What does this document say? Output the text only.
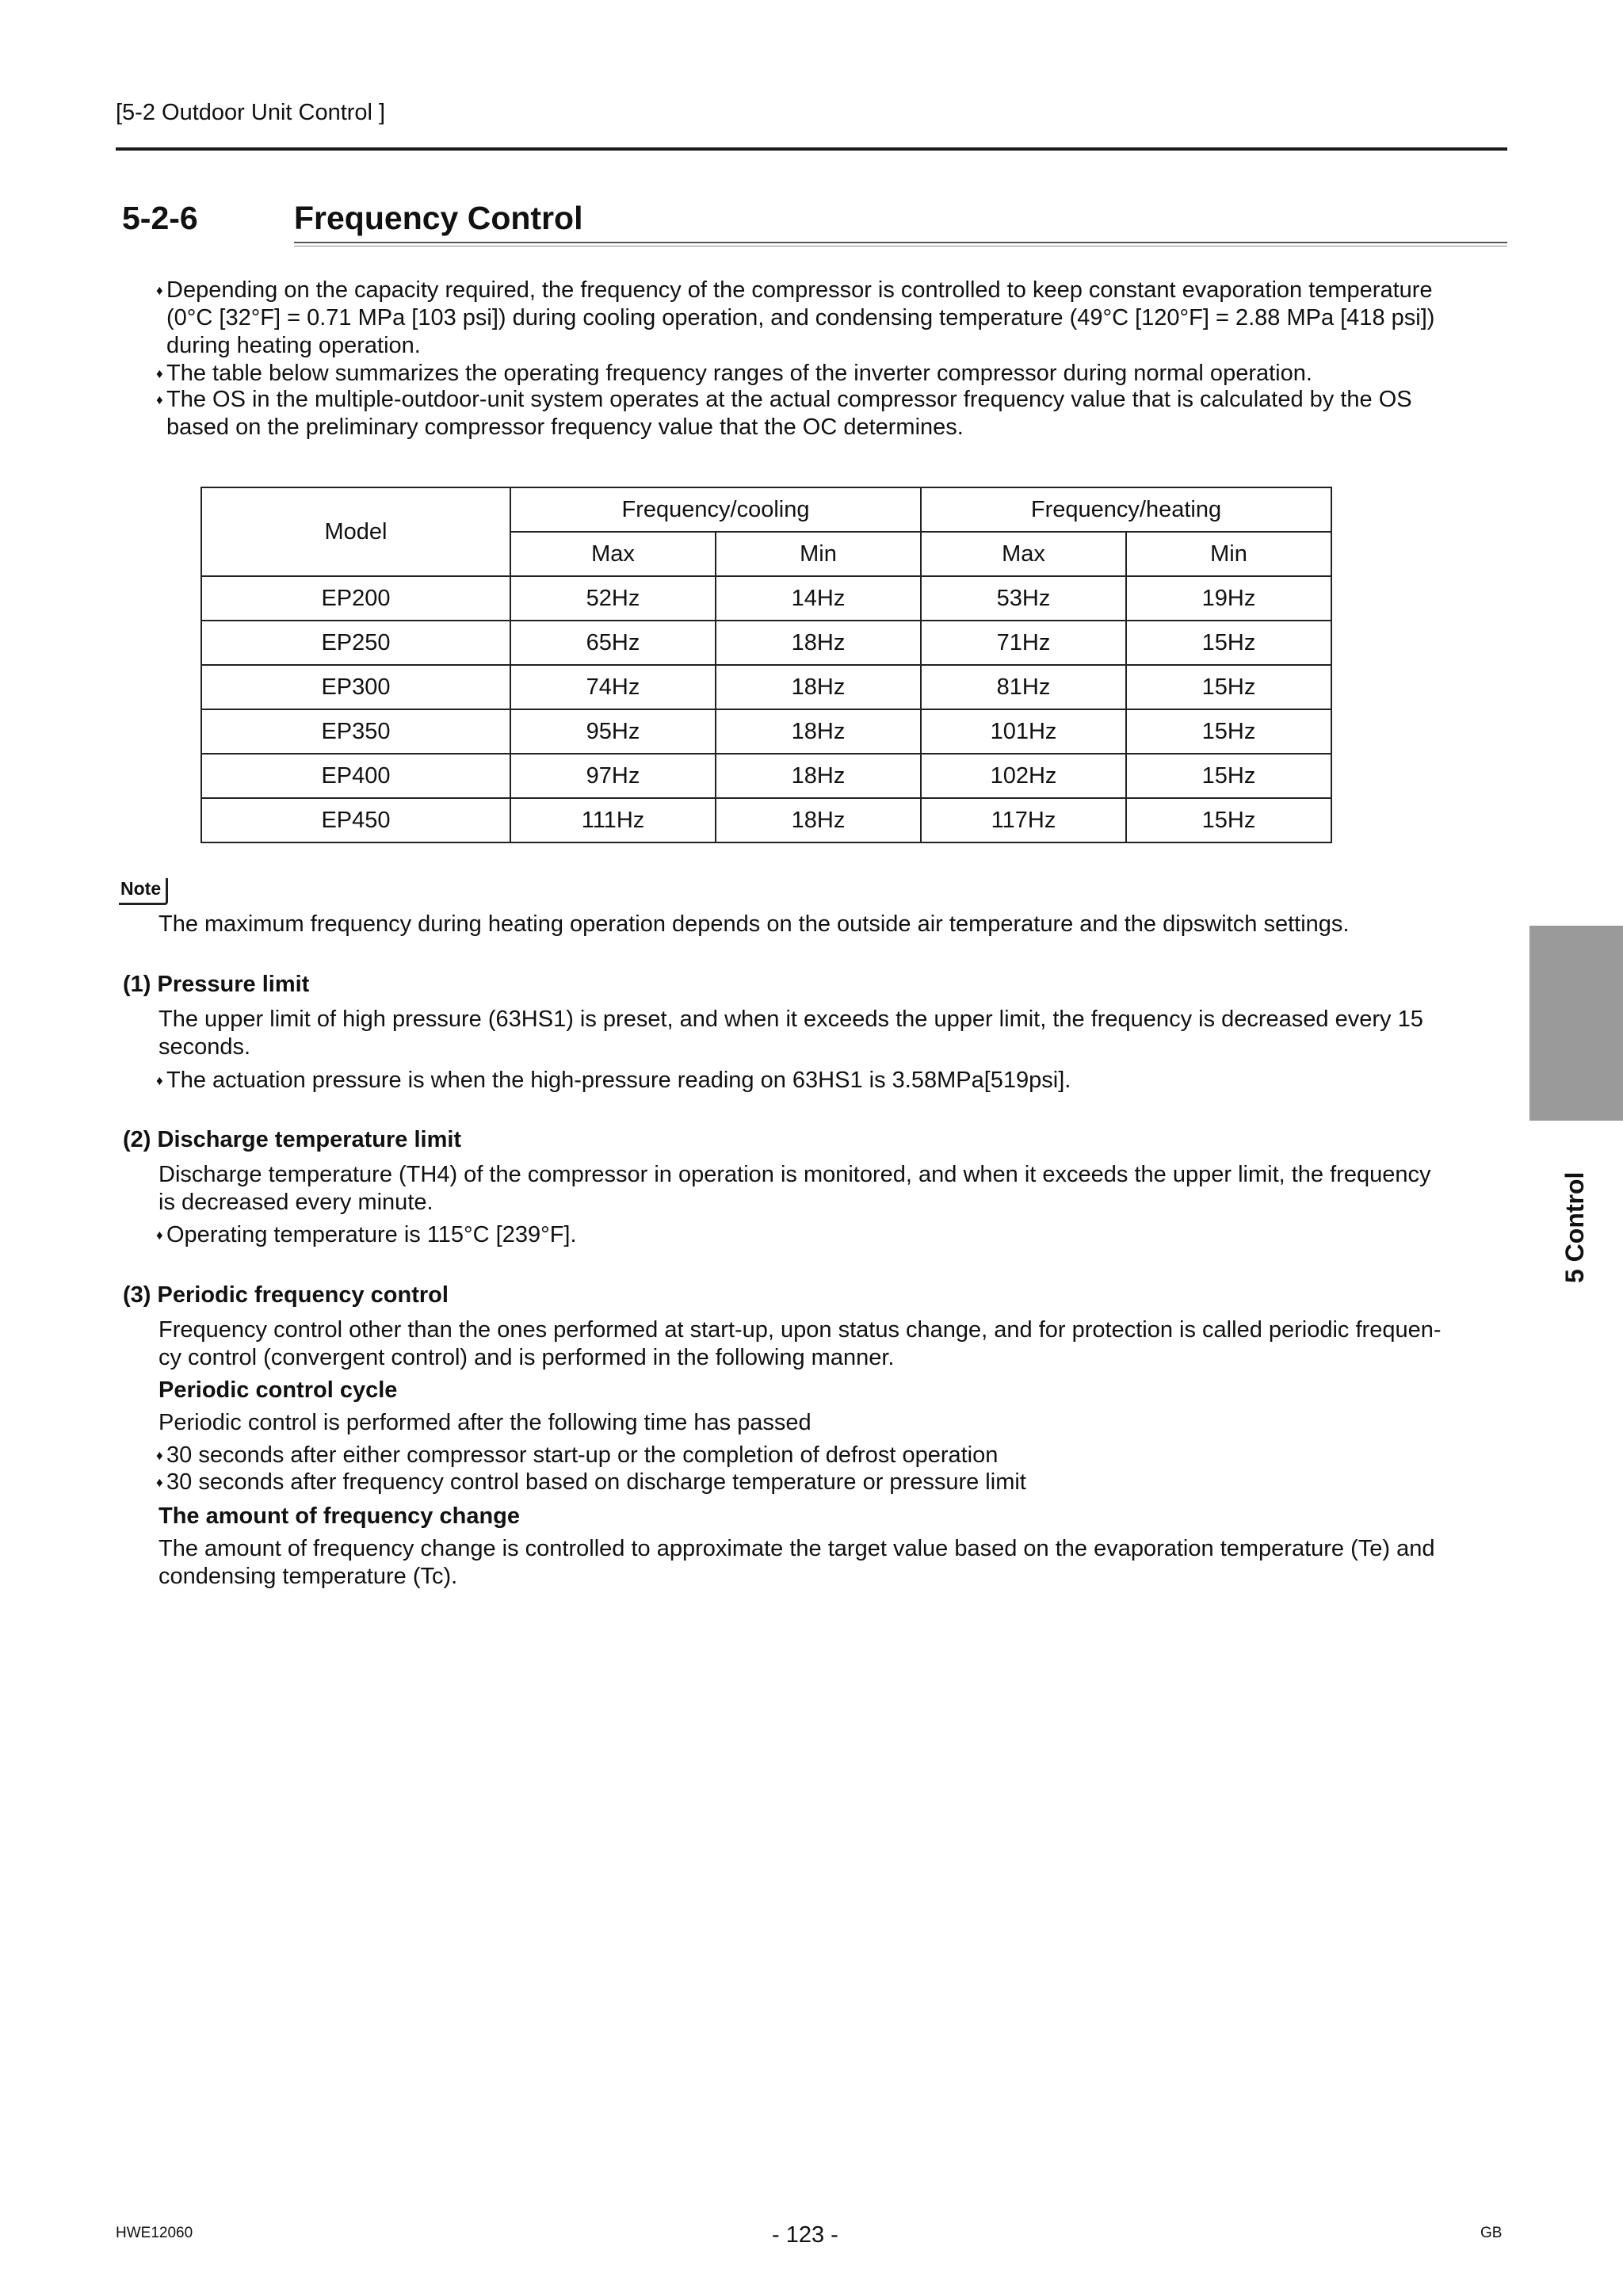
[5-2 Outdoor Unit Control ]
5-2-6	Frequency Control
♦ Depending on the capacity required, the frequency of the compressor is controlled to keep constant evaporation temperature
(0°C [32°F] = 0.71 MPa [103 psi]) during cooling operation, and condensing temperature (49°C [120°F] = 2.88 MPa [418 psi])
during heating operation.
♦ The table below summarizes the operating frequency ranges of the inverter compressor during normal operation.
♦ The OS in the multiple-outdoor-unit system operates at the actual compressor frequency value that is calculated by the OS
based on the preliminary compressor frequency value that the OC determines.
Model	Frequency/cooling		Frequency/heating	
	Max	Min	Max	Min
EP200	52Hz	14Hz	53Hz	19Hz
EP250	65Hz	18Hz	71Hz	15Hz
EP300	74Hz	18Hz	81Hz	15Hz
EP350	95Hz	18Hz	101Hz	15Hz
EP400	97Hz	18Hz	102Hz	15Hz
EP450	111Hz	18Hz	117Hz	15Hz
Note
The maximum frequency during heating operation depends on the outside air temperature and the dipswitch settings.
(1) Pressure limit
The upper limit of high pressure (63HS1) is preset, and when it exceeds the upper limit, the frequency is decreased every 15
seconds.
♦ The actuation pressure is when the high-pressure reading on 63HS1 is 3.58MPa[519psi].
(2) Discharge temperature limit
Discharge temperature (TH4) of the compressor in operation is monitored, and when it exceeds the upper limit, the frequency
is decreased every minute.
♦ Operating temperature is 115°C [239°F].
(3) Periodic frequency control
Frequency control other than the ones performed at start-up, upon status change, and for protection is called periodic frequen-
cy control (convergent control) and is performed in the following manner.
Periodic control cycle
Periodic control is performed after the following time has passed
♦ 30 seconds after either compressor start-up or the completion of defrost operation
♦ 30 seconds after frequency control based on discharge temperature or pressure limit
The amount of frequency change
The amount of frequency change is controlled to approximate the target value based on the evaporation temperature (Te) and
condensing temperature (Tc).
5 Control
HWE12060	- 123 -	GB
